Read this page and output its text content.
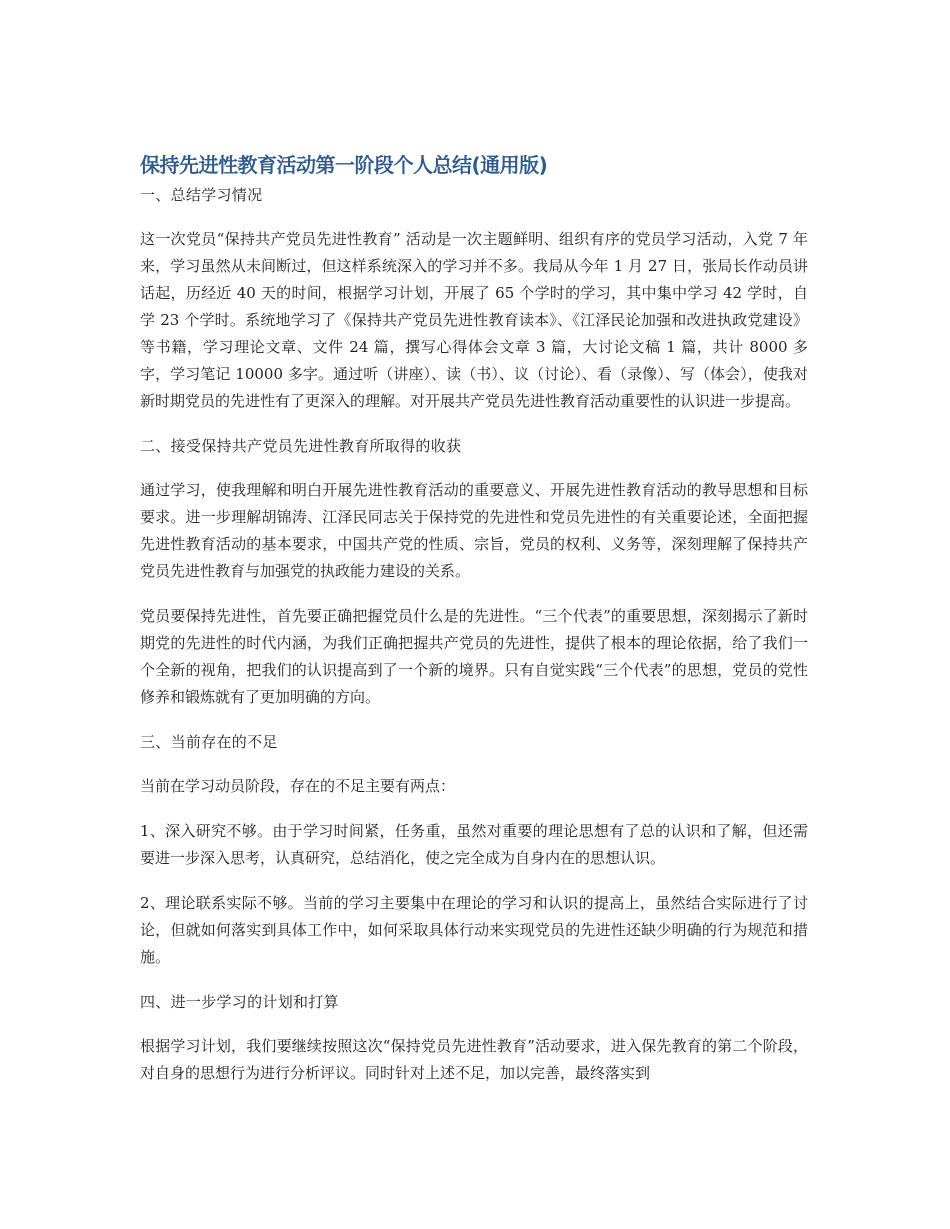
保持先进性教育活动第一阶段个人总结(通用版)
一、总结学习情况

这一次党员“保持共产党员先进性教育” 活动是一次主题鲜明、组织有序的党员学习活动，入党 7 年来，学习虽然从未间断过，但这样系统深入的学习并不多。我局从今年 1 月 27 日，张局长作动员讲话起，历经近 40 天的时间，根据学习计划，开展了 65 个学时的学习，其中集中学习 42 学时，自学 23 个学时。系统地学习了《保持共产党员先进性教育读本》、《江泽民论加强和改进执政党建设》等书籍，学习理论文章、文件 24 篇，撰写心得体会文章 3 篇，大讨论文稿 1 篇，共计 8000 多字，学习笔记 10000 多字。通过听（讲座）、读（书）、议（讨论）、看（录像）、写（体会），使我对新时期党员的先进性有了更深入的理解。对开展共产党员先进性教育活动重要性的认识进一步提高。

二、接受保持共产党员先进性教育所取得的收获

通过学习，使我理解和明白开展先进性教育活动的重要意义、开展先进性教育活动的教导思想和目标要求。进一步理解胡锦涛、江泽民同志关于保持党的先进性和党员先进性的有关重要论述，全面把握先进性教育活动的基本要求，中国共产党的性质、宗旨，党员的权利、义务等，深刻理解了保持共产党员先进性教育与加强党的执政能力建设的关系。

党员要保持先进性，首先要正确把握党员什么是的先进性。“三个代表”的重要思想，深刻揭示了新时期党的先进性的时代内涵，为我们正确把握共产党员的先进性，提供了根本的理论依据，给了我们一个全新的视角，把我们的认识提高到了一个新的境界。只有自觉实践“三个代表”的思想，党员的党性修养和锻炼就有了更加明确的方向。

三、当前存在的不足

当前在学习动员阶段，存在的不足主要有两点：

1、深入研究不够。由于学习时间紧，任务重，虽然对重要的理论思想有了总的认识和了解，但还需要进一步深入思考，认真研究，总结消化，使之完全成为自身内在的思想认识。

2、理论联系实际不够。当前的学习主要集中在理论的学习和认识的提高上，虽然结合实际进行了讨论，但就如何落实到具体工作中，如何采取具体行动来实现党员的先进性还缺少明确的行为规范和措施。

四、进一步学习的计划和打算

根据学习计划，我们要继续按照这次“保持党员先进性教育”活动要求，进入保先教育的第二个阶段，对自身的思想行为进行分析评议。同时针对上述不足，加以完善，最终落实到
